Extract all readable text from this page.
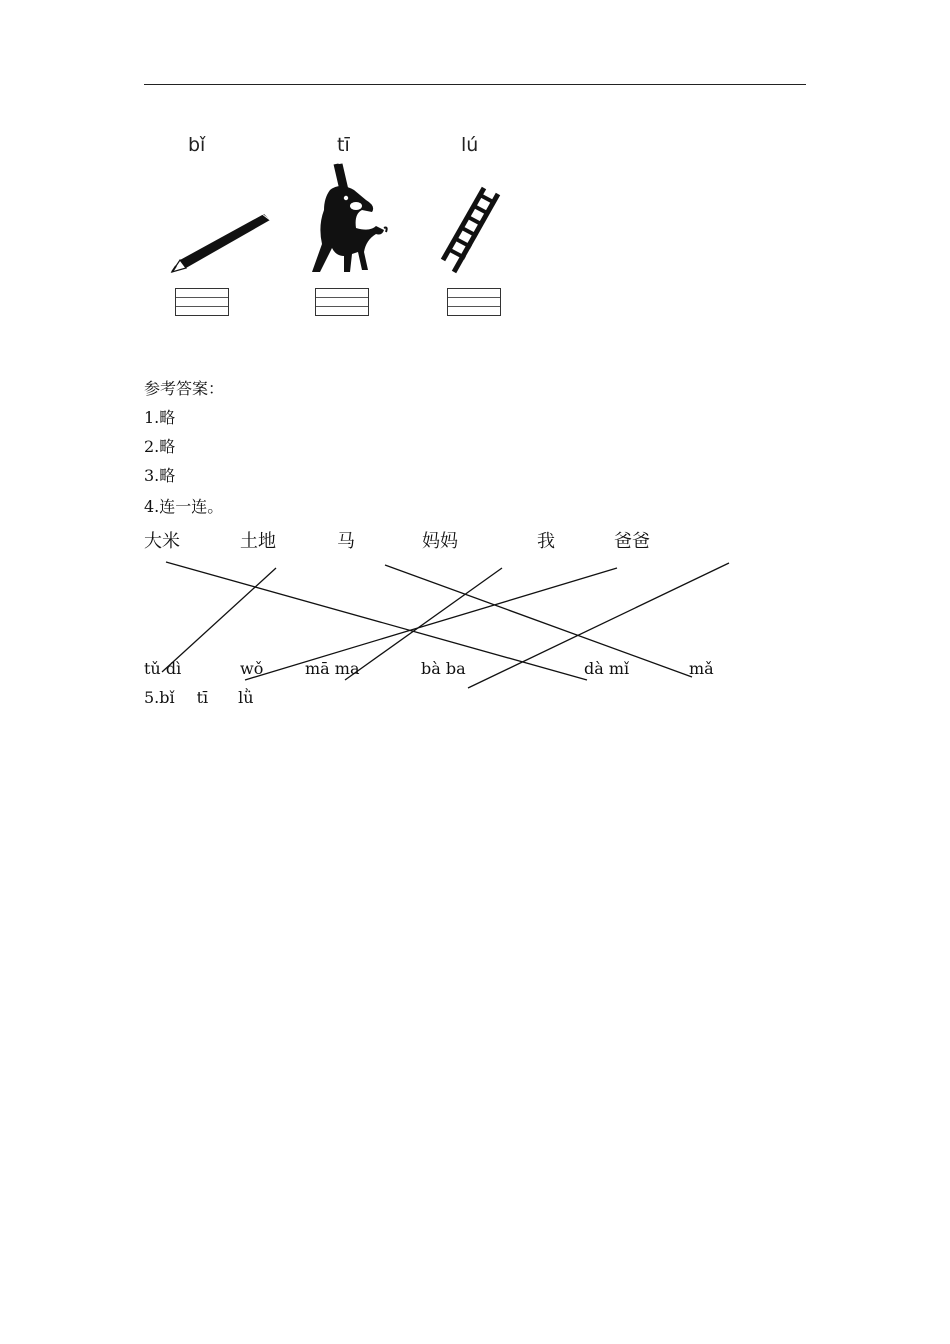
bǐ	tī	lú
参考答案：
1.略
2.略
3.略
4.连一连。
大米	土地	马	妈妈	我	爸爸
tǔ dì	wǒ	mā ma	bà ba	dà mǐ	mǎ
5.bǐ tī lǜ
